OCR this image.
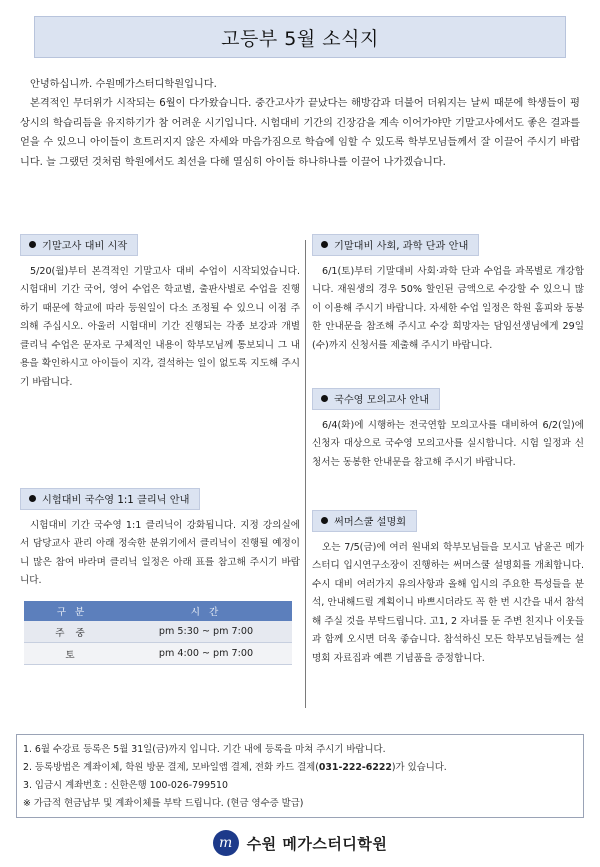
고등부 5월 소식지

안녕하십니까. 수원메가스터디학원입니다.

본격적인 무더위가 시작되는 6월이 다가왔습니다. 중간고사가 끝났다는 해방감과 더불어 더워지는 날씨 때문에 학생들이 평상시의 학습리듬을 유지하기가 참 어려운 시기입니다. 시험대비 기간의 긴장감을 계속 이어가야만 기말고사에서도 좋은 결과를 얻을 수 있으니 아이들이 흐트러지지 않은 자세와 마음가짐으로 학습에 임할 수 있도록 학부모님들께서 잘 이끌어 주시기 바랍니다. 늘 그랬던 것처럼 학원에서도 최선을 다해 열심히 아이들 하나하나를 이끌어 나가겠습니다.

기말고사 대비 시작
5/20(월)부터 본격적인 기말고사 대비 수업이 시작되었습니다. 시험대비 기간 국어, 영어 수업은 학교별, 출판사별로 수업을 진행하기 때문에 학교에 따라 등원일이 다소 조정될 수 있으니 이점 주의해 주십시오. 아울러 시험대비 기간 진행되는 각종 보강과 개별 클리닉 수업은 문자로 구체적인 내용이 학부모님께 통보되니 그 내용을 확인하시고 아이들이 지각, 결석하는 일이 없도록 지도해 주시기 바랍니다.
시험대비 국수영 1:1 클리닉 안내
시험대비 기간 국수영 1:1 클리닉이 강화됩니다. 지정 강의실에서 담당교사 관리 아래 정숙한 분위기에서 클리닉이 진행될 예정이니 많은 참여 바라며 클리닉 일정은 아래 표를 참고해 주시기 바랍니다.
구 분	시 간
주 중	pm 5:30 ~ pm 7:00
토	pm 4:00 ~ pm 7:00
기말대비 사회, 과학 단과 안내
6/1(토)부터 기말대비 사회·과학 단과 수업을 과목별로 개강합니다. 재원생의 경우 50% 할인된 금액으로 수강할 수 있으니 많이 이용해 주시기 바랍니다. 자세한 수업 일정은 학원 홈피와 동봉한 안내문을 참조해 주시고 수강 희망자는 담임선생님에게 29일(수)까지 신청서를 제출해 주시기 바랍니다.
국수영 모의고사 안내
6/4(화)에 시행하는 전국연합 모의고사를 대비하여 6/2(일)에 신청자 대상으로 국수영 모의고사를 실시합니다. 시험 일정과 신청서는 동봉한 안내문을 참고해 주시기 바랍니다.
써머스쿨 설명회
오는 7/5(금)에 여러 원내외 학부모님들을 모시고 남윤곤 메가스터디 입시연구소장이 진행하는 써머스쿨 설명회를 개최합니다. 수시 대비 여러가지 유의사항과 올해 입시의 주요한 특성들을 분석, 안내해드릴 계획이니 바쁘시더라도 꼭 한 번 시간을 내서 참석해 주실 것을 부탁드립니다. 고1, 2 자녀를 둔 주변 친지나 이웃들과 함께 오시면 더욱 좋습니다. 참석하신 모든 학부모님들께는 설명회 자료집과 예쁜 기념품을 증정합니다.
1. 6월 수강료 등록은 5월 31일(금)까지 입니다. 기간 내에 등록을 마쳐 주시기 바랍니다.
2. 등록방법은 계좌이체, 학원 방문 결제, 모바일앱 결제, 전화 카드 결제(031-222-6222)가 있습니다.
3. 입금시 계좌번호 : 신한은행 100-026-799510
※ 가급적 현금납부 및 계좌이체를 부탁 드립니다. (현금 영수증 발급)
m 수원 메가스터디학원
